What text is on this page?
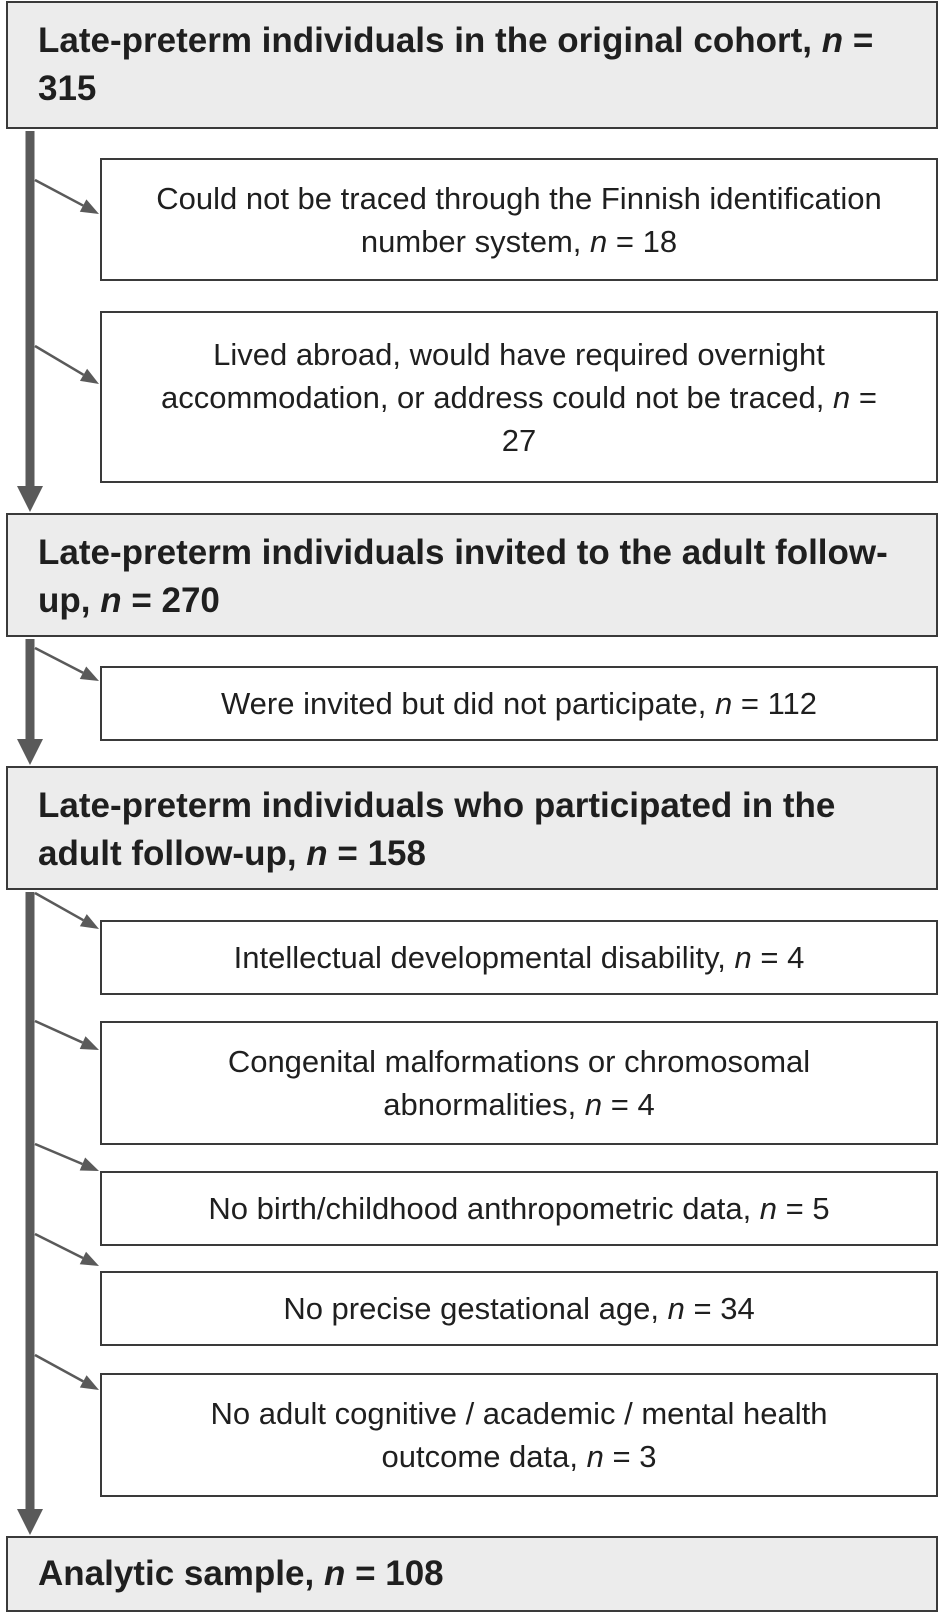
Late-preterm individuals in the original cohort, n = 315
Late-preterm individuals invited to the adult follow-up, n = 270
Late-preterm individuals who participated in the adult follow-up, n = 158
Analytic sample, n = 108
Could not be traced through the Finnish identification number system, n = 18
Lived abroad, would have required overnight accommodation, or address could not be traced, n = 27
Were invited but did not participate, n = 112
Intellectual developmental disability, n = 4
Congenital malformations or chromosomal abnormalities, n = 4
No birth/childhood anthropometric data, n = 5
No precise gestational age, n = 34
No adult cognitive / academic / mental health outcome data, n = 3
